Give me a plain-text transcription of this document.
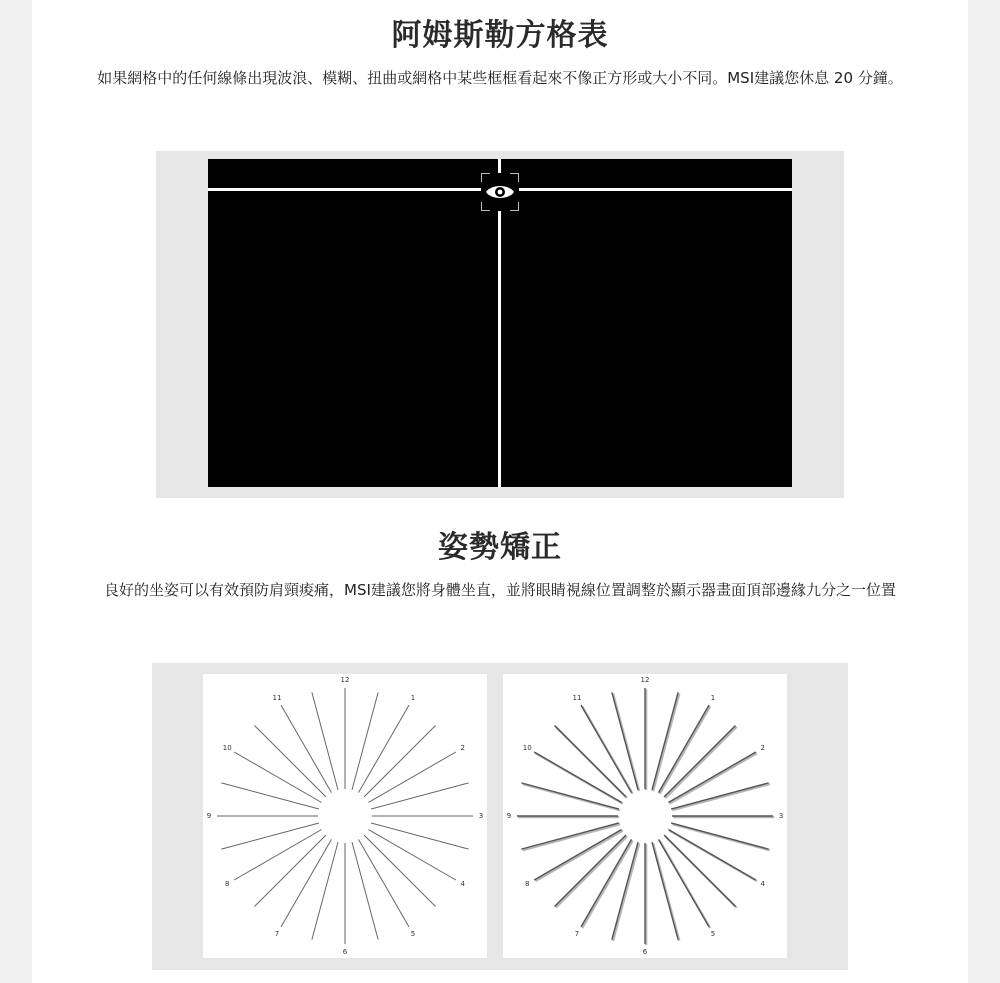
阿姆斯勒方格表

如果網格中的任何線條出現波浪、模糊、扭曲或網格中某些框框看起來不像正方形或大小不同。MSI建議您休息 20 分鐘。

姿勢矯正

良好的坐姿可以有效預防肩頸痠痛，MSI建議您將身體坐直，並將眼睛視線位置調整於顯示器畫面頂部邊緣九分之一位置

12
1
2
3
4
5
6
7
8
9
10
11
12
1
2
3
4
5
6
7
8
9
10
11
